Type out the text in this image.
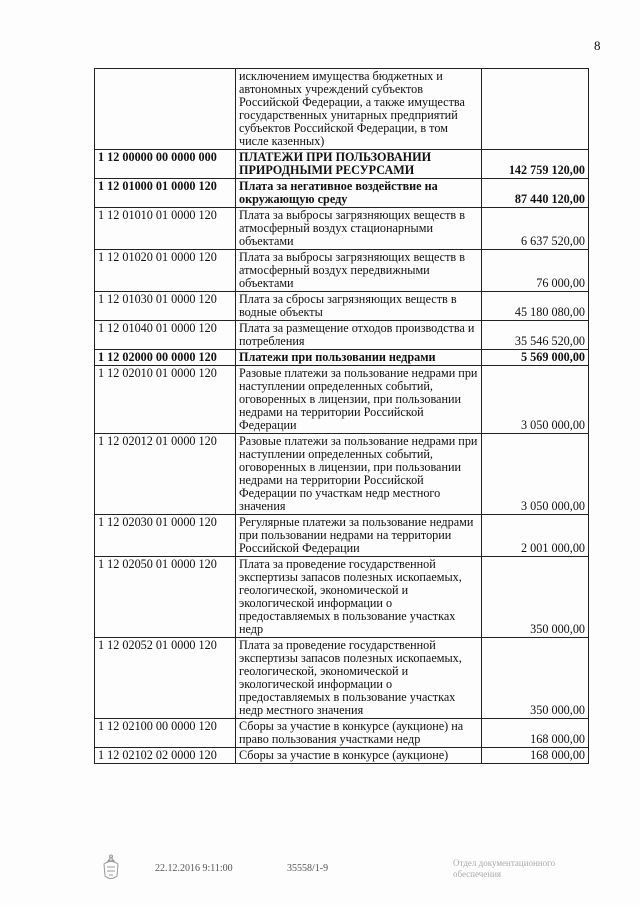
8
	исключением имущества бюджетных и автономных учреждений субъектов Российской Федерации, а также имущества государственных унитарных предприятий субъектов Российской Федерации, в том числе казенных)	
1 12 00000 00 0000 000	ПЛАТЕЖИ ПРИ ПОЛЬЗОВАНИИ ПРИРОДНЫМИ РЕСУРСАМИ	142 759 120,00
1 12 01000 01 0000 120	Плата за негативное воздействие на окружающую среду	87 440 120,00
1 12 01010 01 0000 120	Плата за выбросы загрязняющих веществ в атмосферный воздух стационарными объектами	6 637 520,00
1 12 01020 01 0000 120	Плата за выбросы загрязняющих веществ в атмосферный воздух передвижными объектами	76 000,00
1 12 01030 01 0000 120	Плата за сбросы загрязняющих веществ в водные объекты	45 180 080,00
1 12 01040 01 0000 120	Плата за размещение отходов производства и потребления	35 546 520,00
1 12 02000 00 0000 120	Платежи при пользовании недрами	5 569 000,00
1 12 02010 01 0000 120	Разовые платежи за пользование недрами при наступлении определенных событий, оговоренных в лицензии, при пользовании недрами на территории Российской Федерации	3 050 000,00
1 12 02012 01 0000 120	Разовые платежи за пользование недрами при наступлении определенных событий, оговоренных в лицензии, при пользовании недрами на территории Российской Федерации по участкам недр местного значения	3 050 000,00
1 12 02030 01 0000 120	Регулярные платежи за пользование недрами при пользовании недрами на территории Российской Федерации	2 001 000,00
1 12 02050 01 0000 120	Плата за проведение государственной экспертизы запасов полезных ископаемых, геологической, экономической и экологической информации о предоставляемых в пользование участках недр	350 000,00
1 12 02052 01 0000 120	Плата за проведение государственной экспертизы запасов полезных ископаемых, геологической, экономической и экологической информации о предоставляемых в пользование участках недр местного значения	350 000,00
1 12 02100 00 0000 120	Сборы за участие в конкурсе (аукционе) на право пользования участками недр	168 000,00
1 12 02102 02 0000 120	Сборы за участие в конкурсе (аукционе)	168 000,00
22.12.2016 9:11:00	35558/1-9	Отдел документационного обеспечения
